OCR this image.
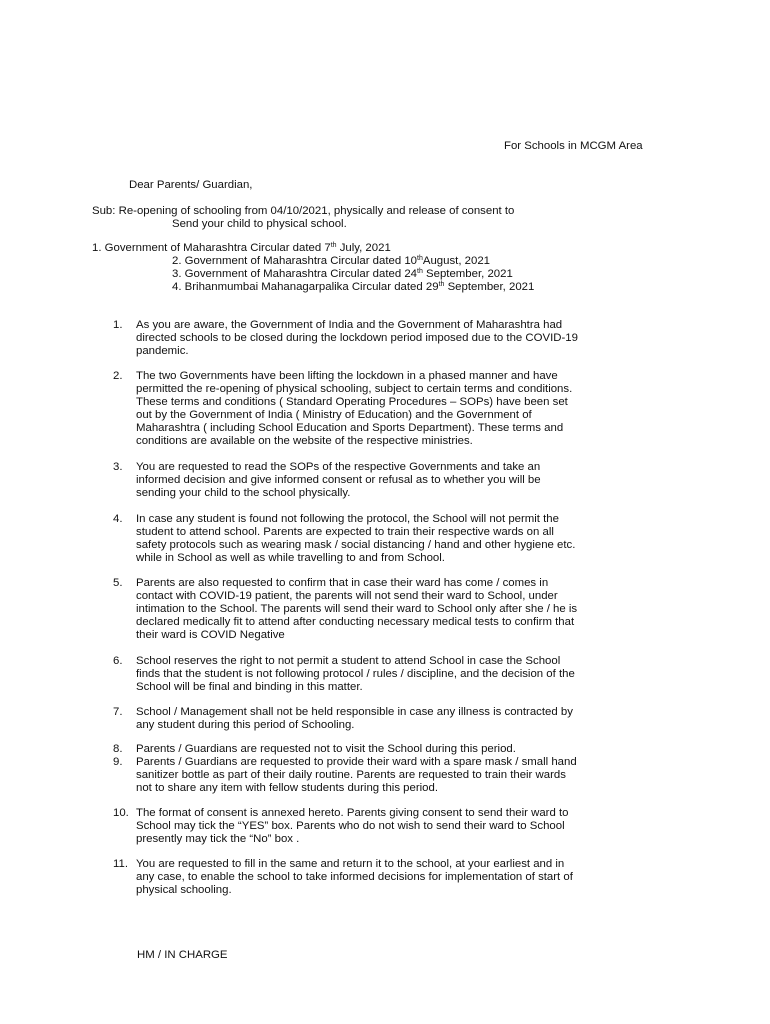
For Schools in MCGM Area
Dear Parents/ Guardian,
Sub: Re-opening of schooling from 04/10/2021, physically and release of consent to
Send your child to physical school.
1. Government of Maharashtra Circular dated 7th July, 2021
2. Government of Maharashtra Circular dated 10thAugust, 2021
3. Government of Maharashtra Circular dated 24th September, 2021
4. Brihanmumbai Mahanagarpalika Circular dated 29th September, 2021
1. As you are aware, the Government of India and the Government of Maharashtra had
directed schools to be closed during the lockdown period imposed due to the COVID-19
pandemic.
2. The two Governments have been lifting the lockdown in a phased manner and have
permitted the re-opening of physical schooling, subject to certain terms and conditions.
These terms and conditions ( Standard Operating Procedures – SOPs) have been set
out by the Government of India ( Ministry of Education) and the Government of
Maharashtra ( including School Education and Sports Department). These terms and
conditions are available on the website of the respective ministries.
3. You are requested to read the SOPs of the respective Governments and take an
informed decision and give informed consent or refusal as to whether you will be
sending your child to the school physically.
4. In case any student is found not following the protocol, the School will not permit the
student to attend school. Parents are expected to train their respective wards on all
safety protocols such as wearing mask / social distancing / hand and other hygiene etc.
while in School as well as while travelling to and from School.
5. Parents are also requested to confirm that in case their ward has come / comes in
contact with COVID-19 patient, the parents will not send their ward to School, under
intimation to the School. The parents will send their ward to School only after she / he is
declared medically fit to attend after conducting necessary medical tests to confirm that
their ward is COVID Negative
6. School reserves the right to not permit a student to attend School in case the School
finds that the student is not following protocol / rules / discipline, and the decision of the
School will be final and binding in this matter.
7. School / Management shall not be held responsible in case any illness is contracted by
any student during this period of Schooling.
8. Parents / Guardians are requested not to visit the School during this period.
9. Parents / Guardians are requested to provide their ward with a spare mask / small hand
sanitizer bottle as part of their daily routine. Parents are requested to train their wards
not to share any item with fellow students during this period.
10. The format of consent is annexed hereto. Parents giving consent to send their ward to
School may tick the “YES” box. Parents who do not wish to send their ward to School
presently may tick the “No” box .
11. You are requested to fill in the same and return it to the school, at your earliest and in
any case, to enable the school to take informed decisions for implementation of start of
physical schooling.
HM / IN CHARGE
